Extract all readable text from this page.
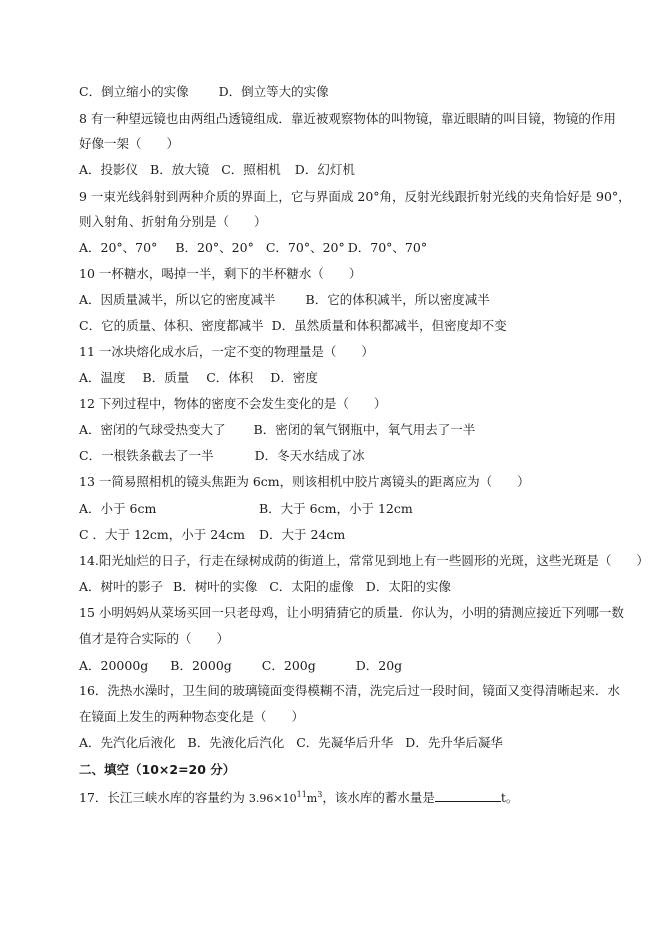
C．倒立缩小的实像 D．倒立等大的实像
8 有一种望远镜也由两组凸透镜组成．靠近被观察物体的叫物镜，靠近眼睛的叫目镜，物镜的作用
好像一架（　　）
A．投影仪 B．放大镜 C．照相机 D．幻灯机
9 一束光线斜射到两种介质的界面上，它与界面成 20°角，反射光线跟折射光线的夹角恰好是 90°，
则入射角、折射角分别是（　　）
A．20°、70° B．20°、20° C．70°、20° D．70°、70°
10 一杯糖水，喝掉一半，剩下的半杯糖水（　　）
A．因质量减半，所以它的密度减半 B．它的体积减半，所以密度减半
C．它的质量、体积、密度都减半 D．虽然质量和体积都减半，但密度却不变
11 一冰块熔化成水后，一定不变的物理量是（　　）
A．温度 B．质量 C．体积 D．密度
12 下列过程中，物体的密度不会发生变化的是（　　）
A．密闭的气球受热变大了 B．密闭的氧气钢瓶中，氧气用去了一半
C．一根铁条截去了一半	D．冬天水结成了冰
13 一简易照相机的镜头焦距为 6cm，则该相机中胶片离镜头的距离应为（　　）
A．小于 6cm	B．大于 6cm，小于 12cm
C ．大于 12cm，小于 24cm D．大于 24cm
14.阳光灿烂的日子，行走在绿树成荫的街道上，常常见到地上有一些圆形的光斑，这些光斑是（　　）
A．树叶的影子 B．树叶的实像 C．太阳的虚像 D．太阳的实像
15 小明妈妈从菜场买回一只老母鸡，让小明猜猜它的质量．你认为，小明的猜测应接近下列哪一数
值才是符合实际的（　　）
A．20000g B．2000g C．200g	D．20g
16．洗热水澡时，卫生间的玻璃镜面变得模糊不清，洗完后过一段时间，镜面又变得清晰起来．水
在镜面上发生的两种物态变化是（　　）
A．先汽化后液化 B．先液化后汽化 C．先凝华后升华 D．先升华后凝华
二、填空（10×2=20 分）
17．长江三峡水库的容量约为 $3.96\times 10^{11}m^3$，该水库的蓄水量是	t。
